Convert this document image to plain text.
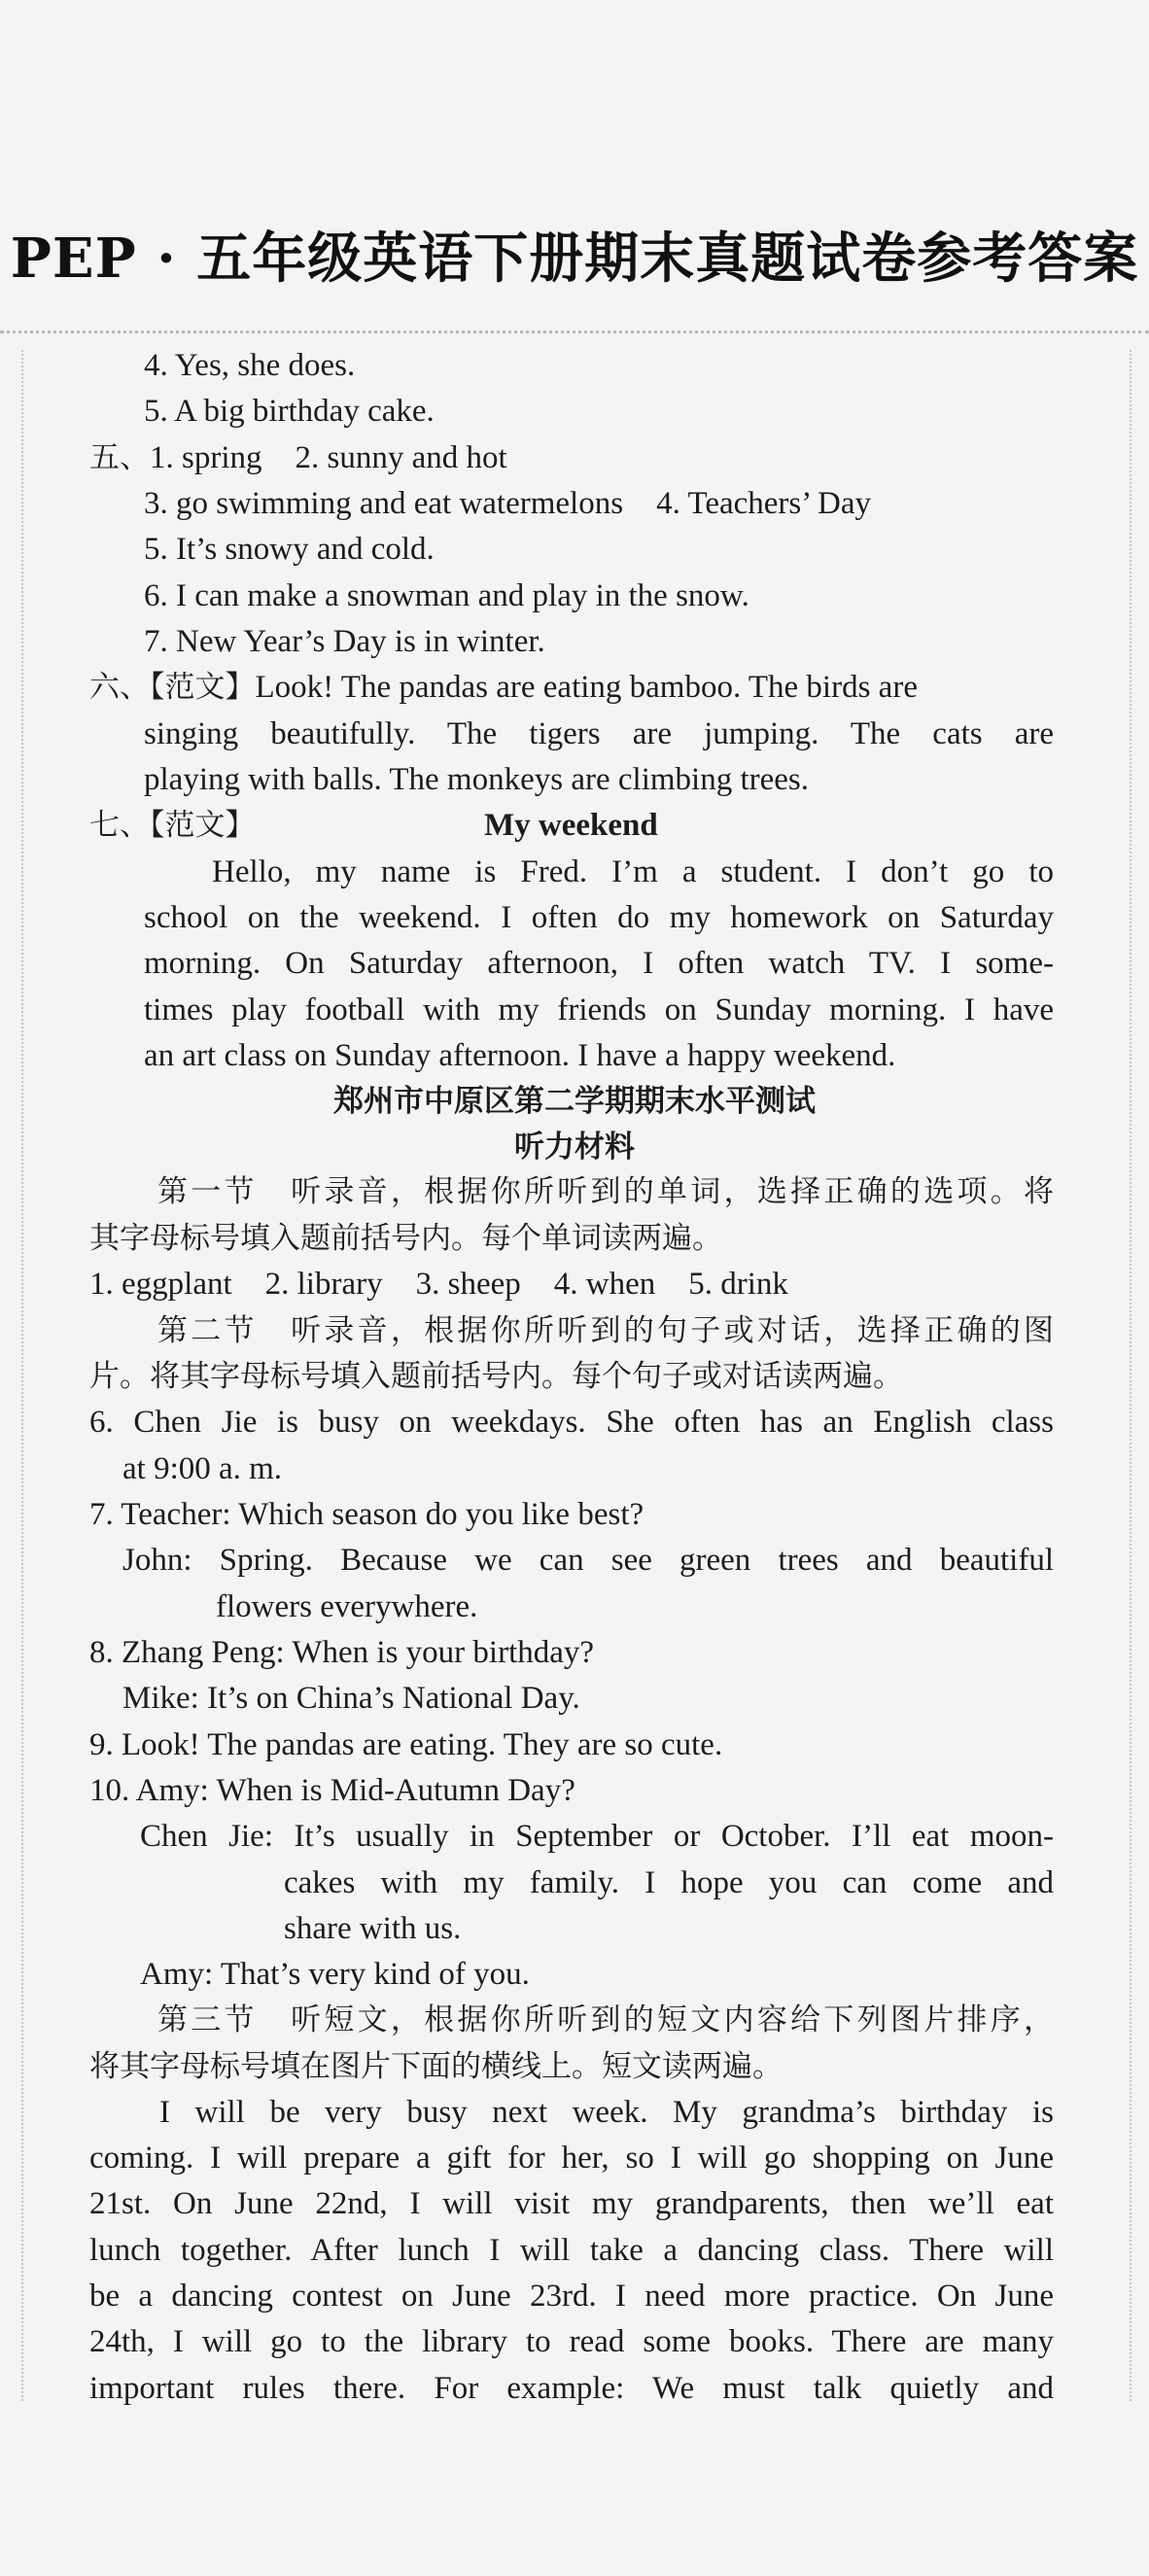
PEP · 五年级英语下册期末真题试卷参考答案
4. Yes, she does.
5. A big birthday cake.
五、1. spring 2. sunny and hot
3. go swimming and eat watermelons 4. Teachers’ Day
5. It’s snowy and cold.
6. I can make a snowman and play in the snow.
7. New Year’s Day is in winter.
六、【范文】Look! The pandas are eating bamboo. The birds are
singing beautifully. The tigers are jumping. The cats are
playing with balls. The monkeys are climbing trees.
七、【范文】	My weekend
Hello, my name is Fred. I’m a student. I don’t go to
school on the weekend. I often do my homework on Saturday
morning. On Saturday afternoon, I often watch TV. I some-
times play football with my friends on Sunday morning. I have
an art class on Sunday afternoon. I have a happy weekend.
郑州市中原区第二学期期末水平测试
听力材料
第一节　听录音，根据你所听到的单词，选择正确的选项。将
其字母标号填入题前括号内。每个单词读两遍。
1. eggplant 2. library 3. sheep 4. when 5. drink
第二节　听录音，根据你所听到的句子或对话，选择正确的图
片。将其字母标号填入题前括号内。每个句子或对话读两遍。
6. Chen Jie is busy on weekdays. She often has an English class
at 9:00 a. m.
7. Teacher: Which season do you like best?
John: Spring. Because we can see green trees and beautiful
flowers everywhere.
8. Zhang Peng: When is your birthday?
Mike: It’s on China’s National Day.
9. Look! The pandas are eating. They are so cute.
10. Amy: When is Mid-Autumn Day?
Chen Jie: It’s usually in September or October. I’ll eat moon-
cakes with my family. I hope you can come and
share with us.
Amy: That’s very kind of you.
第三节　听短文，根据你所听到的短文内容给下列图片排序，
将其字母标号填在图片下面的横线上。短文读两遍。
I will be very busy next week. My grandma’s birthday is
coming. I will prepare a gift for her, so I will go shopping on June
21st. On June 22nd, I will visit my grandparents, then we’ll eat
lunch together. After lunch I will take a dancing class. There will
be a dancing contest on June 23rd. I need more practice. On June
24th, I will go to the library to read some books. There are many
important rules there. For example: We must talk quietly and
